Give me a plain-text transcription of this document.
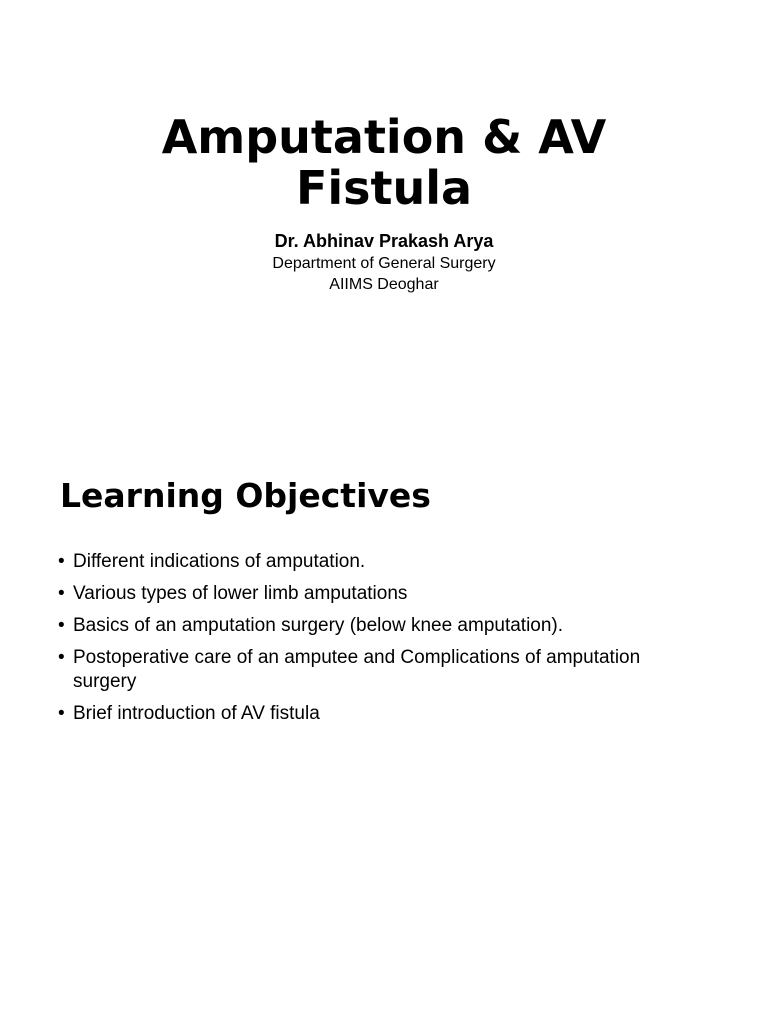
Amputation & AV
Fistula
Dr. Abhinav Prakash Arya
Department of General Surgery
AIIMS Deoghar
Learning Objectives
• Different indications of amputation.
• Various types of lower limb amputations
• Basics of an amputation surgery (below knee amputation).
• Postoperative care of an amputee and Complications of amputation surgery
• Brief introduction of AV fistula
